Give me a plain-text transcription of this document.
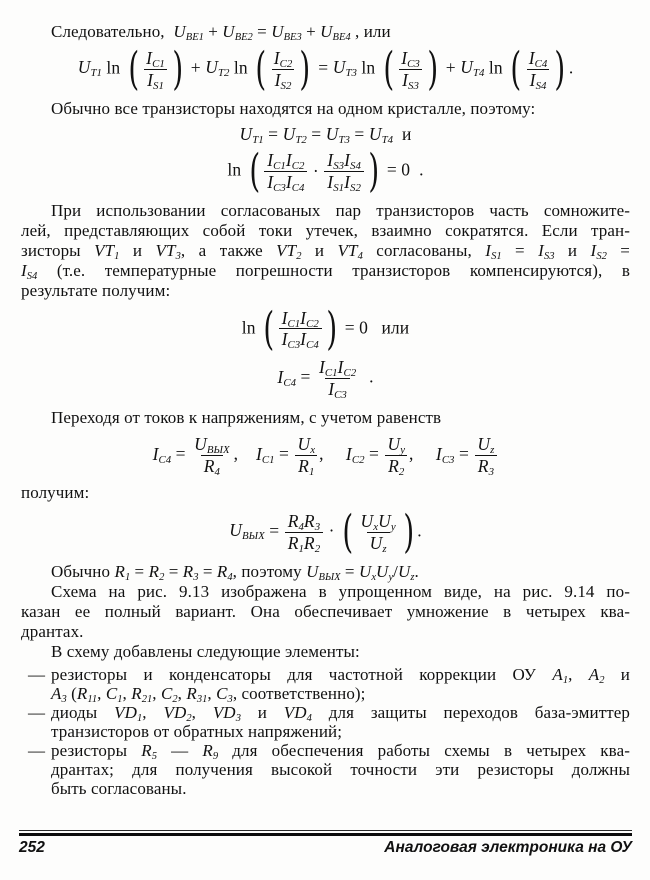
Следовательно,  $U_{BE1} + U_{BE2} = U_{BE3} + U_{BE4}$ , или
$U_{T1}$ ln ( $\frac{I_{C1}}{I_{S1}}$ ) + $U_{T2}$ ln ( $\frac{I_{C2}}{I_{S2}}$ ) = $U_{T3}$ ln ( $\frac{I_{C3}}{I_{S3}}$ ) + $U_{T4}$ ln ( $\frac{I_{C4}}{I_{S4}}$ ) .
Обычно все транзисторы находятся на одном кристалле, поэтому:
$U_{T1} = U_{T2} = U_{T3} = U_{T4}$  и
ln ( $\frac{I_{C1}I_{C2}}{I_{C3}I_{C4}} \cdot \frac{I_{S3}I_{S4}}{I_{S1}I_{S2}}$ ) = 0  .
При использовании согласованых пар транзисторов часть сомножите-
лей, представляющих собой токи утечек, взаимно сократятся. Если тран-
зисторы $VT_1$ и $VT_3$, а также $VT_2$ и $VT_4$ согласованы, $I_{S1} = I_{S3}$ и $I_{S2}$ =
$I_{S4}$ (т.е. температурные погрешности транзисторов компенсируются), в
результате получим:
ln ( $\frac{I_{C1}I_{C2}}{I_{C3}I_{C4}}$ ) = 0   или
$I_{C4} = \frac{I_{C1}I_{C2}}{I_{C3}}$ .
Переходя от токов к напряжениям, с учетом равенств
$I_{C4} = \frac{U_{ВЫХ}}{R_4}$ ,    $I_{C1} = \frac{U_x}{R_1}$ ,     $I_{C2} = \frac{U_y}{R_2}$ ,     $I_{C3} = \frac{U_z}{R_3}$
получим:
$U_{ВЫХ} = \frac{R_4R_3}{R_1R_2}$ · ( $\frac{U_xU_y}{U_z}$ ) .
Обычно $R_1 = R_2 = R_3 = R_4$, поэтому $U_{ВЫХ} = U_xU_y/U_z$.
Схема на рис. 9.13 изображена в упрощенном виде, на рис. 9.14 по-
казан ее полный вариант. Она обеспечивает умножение в четырех ква-
дрантах.
В схему добавлены следующие элементы:
— резисторы и конденсаторы для частотной коррекции ОУ $A_1$, $A_2$ и
$A_3$ ($R_{11}$, $C_1$, $R_{21}$, $C_2$, $R_{31}$, $C_3$, соответственно);
— диоды $VD_1$, $VD_2$, $VD_3$ и $VD_4$ для защиты переходов база-эмиттер
транзисторов от обратных напряжений;
— резисторы $R_5$ — $R_9$ для обеспечения работы схемы в четырех ква-
дрантах; для получения высокой точности эти резисторы должны
быть согласованы.
252	Аналоговая электроника на ОУ
